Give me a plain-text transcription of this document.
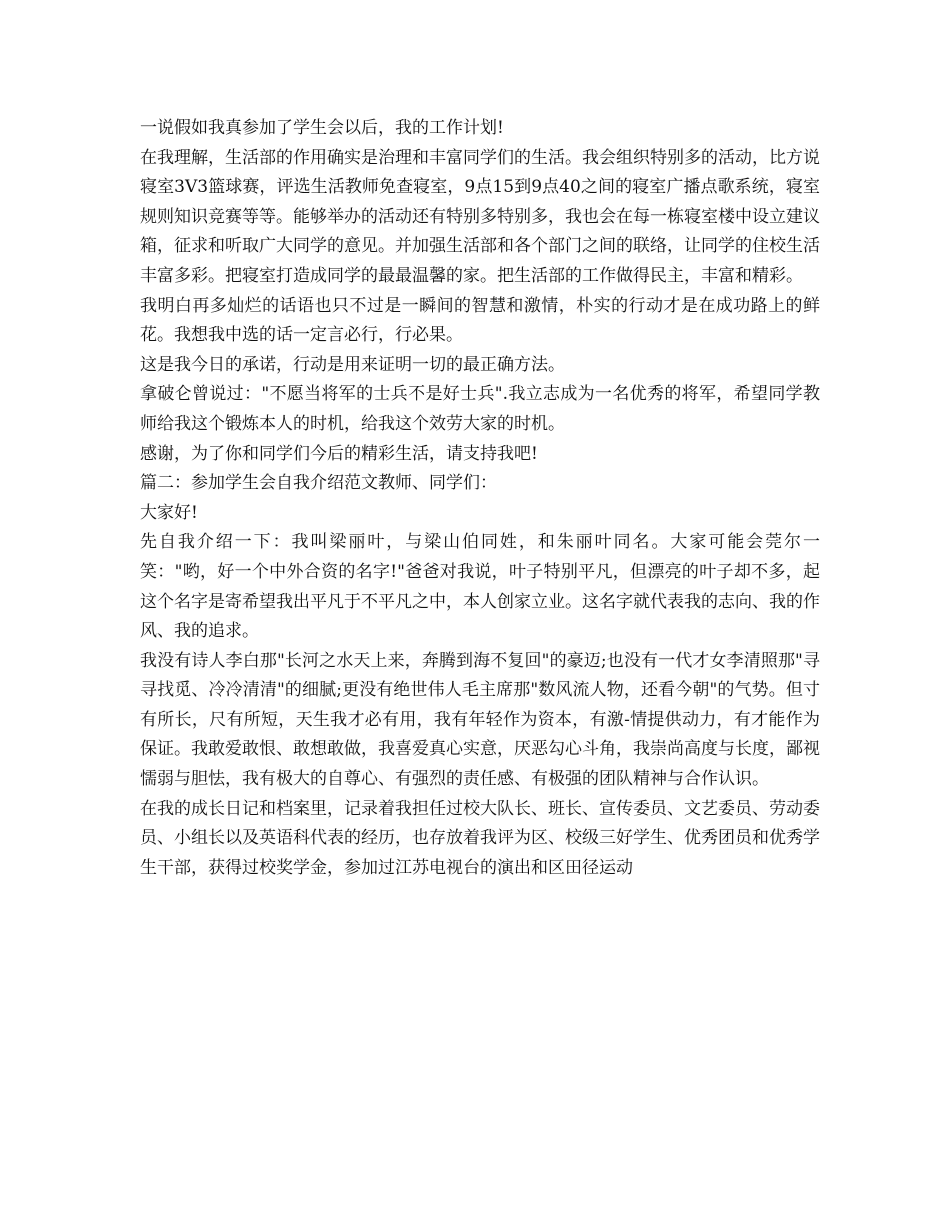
一说假如我真参加了学生会以后，我的工作计划!

在我理解，生活部的作用确实是治理和丰富同学们的生活。我会组织特别多的活动，比方说寝室3V3篮球赛，评选生活教师免查寝室，9点15到9点40之间的寝室广播点歌系统，寝室规则知识竞赛等等。能够举办的活动还有特别多特别多，我也会在每一栋寝室楼中设立建议箱，征求和听取广大同学的意见。并加强生活部和各个部门之间的联络，让同学的住校生活丰富多彩。把寝室打造成同学的最最温馨的家。把生活部的工作做得民主，丰富和精彩。

我明白再多灿烂的话语也只不过是一瞬间的智慧和激情，朴实的行动才是在成功路上的鲜花。我想我中选的话一定言必行，行必果。

这是我今日的承诺，行动是用来证明一切的最正确方法。

拿破仑曾说过："不愿当将军的士兵不是好士兵".我立志成为一名优秀的将军，希望同学教师给我这个锻炼本人的时机，给我这个效劳大家的时机。

感谢，为了你和同学们今后的精彩生活，请支持我吧!

篇二：参加学生会自我介绍范文教师、同学们：

大家好!

先自我介绍一下：我叫梁丽叶，与梁山伯同姓，和朱丽叶同名。大家可能会莞尔一笑："哟，好一个中外合资的名字!"爸爸对我说，叶子特别平凡，但漂亮的叶子却不多，起这个名字是寄希望我出平凡于不平凡之中，本人创家立业。这名字就代表我的志向、我的作风、我的追求。

我没有诗人李白那"长河之水天上来，奔腾到海不复回"的豪迈;也没有一代才女李清照那"寻寻找觅、冷冷清清"的细腻;更没有绝世伟人毛主席那"数风流人物，还看今朝"的气势。但寸有所长，尺有所短，天生我才必有用，我有年轻作为资本，有激-情提供动力，有才能作为保证。我敢爱敢恨、敢想敢做，我喜爱真心实意，厌恶勾心斗角，我崇尚高度与长度，鄙视懦弱与胆怯，我有极大的自尊心、有强烈的责任感、有极强的团队精神与合作认识。

在我的成长日记和档案里，记录着我担任过校大队长、班长、宣传委员、文艺委员、劳动委员、小组长以及英语科代表的经历，也存放着我评为区、校级三好学生、优秀团员和优秀学生干部，获得过校奖学金，参加过江苏电视台的演出和区田径运动
